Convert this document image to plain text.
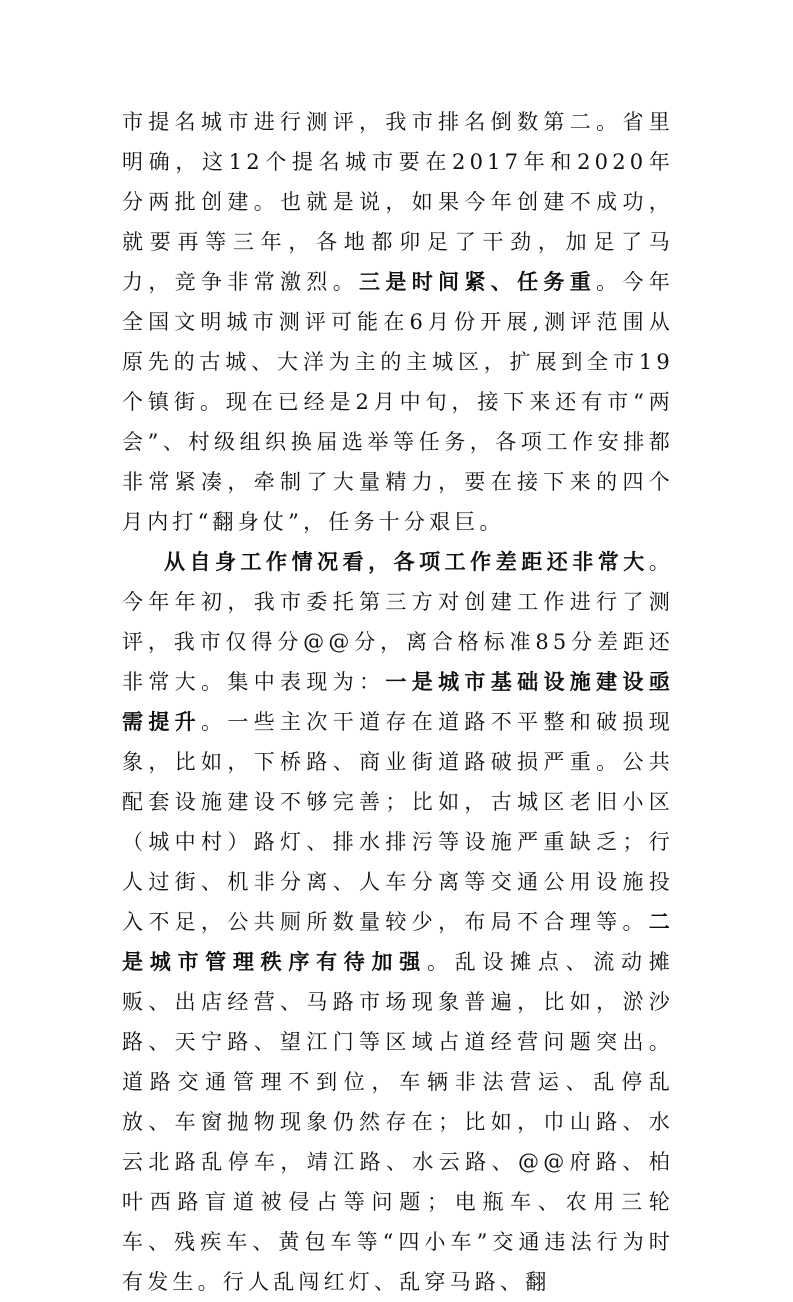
市提名城市进行测评，我市排名倒数第二。省里明确，这12个提名城市要在2017年和2020年分两批创建。也就是说，如果今年创建不成功，就要再等三年，各地都卯足了干劲，加足了马力，竞争非常激烈。三是时间紧、任务重。今年全国文明城市测评可能在6月份开展,测评范围从原先的古城、大洋为主的主城区，扩展到全市19个镇街。现在已经是2月中旬，接下来还有市“两会”、村级组织换届选举等任务，各项工作安排都非常紧凑，牵制了大量精力，要在接下来的四个月内打“翻身仗”，任务十分艰巨。

从自身工作情况看，各项工作差距还非常大。今年年初，我市委托第三方对创建工作进行了测评，我市仅得分@@分，离合格标准85分差距还非常大。集中表现为：一是城市基础设施建设亟需提升。一些主次干道存在道路不平整和破损现象，比如，下桥路、商业街道路破损严重。公共配套设施建设不够完善；比如，古城区老旧小区（城中村）路灯、排水排污等设施严重缺乏；行人过街、机非分离、人车分离等交通公用设施投入不足，公共厕所数量较少，布局不合理等。二是城市管理秩序有待加强。乱设摊点、流动摊贩、出店经营、马路市场现象普遍，比如，淤沙路、天宁路、望江门等区域占道经营问题突出。道路交通管理不到位，车辆非法营运、乱停乱放、车窗抛物现象仍然存在；比如，巾山路、水云北路乱停车，靖江路、水云路、@@府路、柏叶西路盲道被侵占等问题；电瓶车、农用三轮车、残疾车、黄包车等“四小车”交通违法行为时有发生。行人乱闯红灯、乱穿马路、翻
